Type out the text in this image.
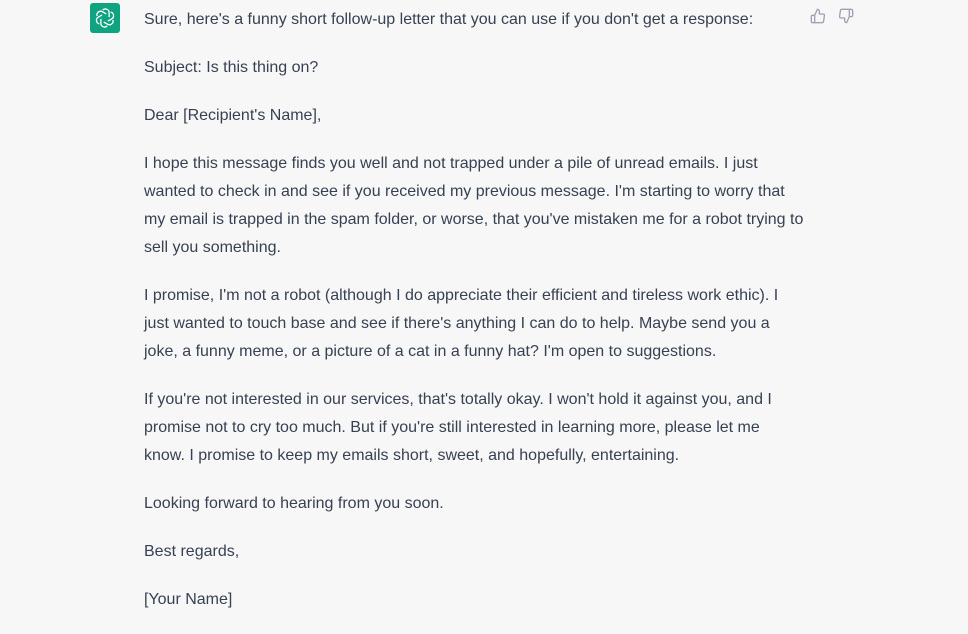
Sure, here's a funny short follow-up letter that you can use if you don't get a response:

Subject: Is this thing on?

Dear [Recipient's Name],

I hope this message finds you well and not trapped under a pile of unread emails. I just wanted to check in and see if you received my previous message. I'm starting to worry that my email is trapped in the spam folder, or worse, that you've mistaken me for a robot trying to sell you something.

I promise, I'm not a robot (although I do appreciate their efficient and tireless work ethic). I just wanted to touch base and see if there's anything I can do to help. Maybe send you a joke, a funny meme, or a picture of a cat in a funny hat? I'm open to suggestions.

If you're not interested in our services, that's totally okay. I won't hold it against you, and I promise not to cry too much. But if you're still interested in learning more, please let me know. I promise to keep my emails short, sweet, and hopefully, entertaining.

Looking forward to hearing from you soon.

Best regards,

[Your Name]
